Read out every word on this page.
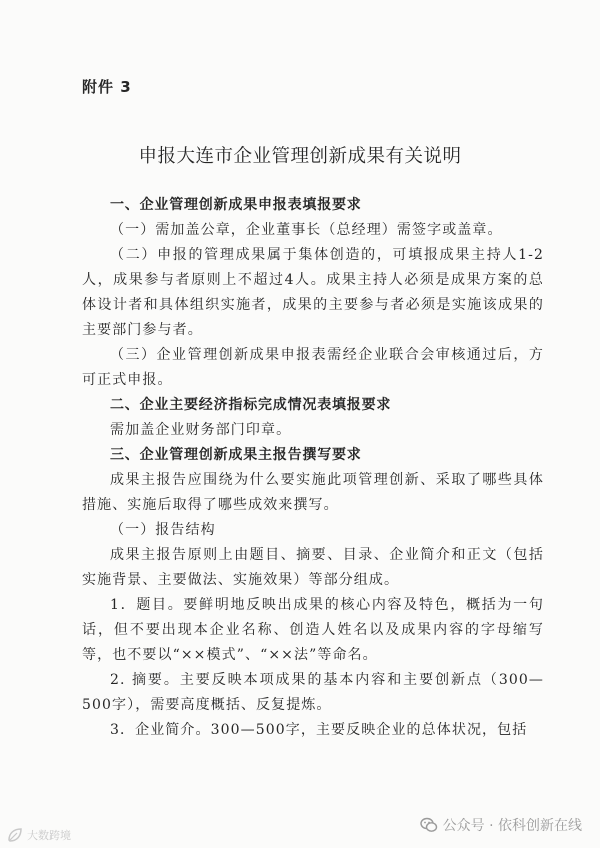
附件 3
申报大连市企业管理创新成果有关说明

一、企业管理创新成果申报表填报要求

（一）需加盖公章，企业董事长（总经理）需签字或盖章。

（二）申报的管理成果属于集体创造的，可填报成果主持人1-2人，成果参与者原则上不超过4人。成果主持人必须是成果方案的总体设计者和具体组织实施者，成果的主要参与者必须是实施该成果的主要部门参与者。

（三）企业管理创新成果申报表需经企业联合会审核通过后，方可正式申报。

二、企业主要经济指标完成情况表填报要求

需加盖企业财务部门印章。

三、企业管理创新成果主报告撰写要求

成果主报告应围绕为什么要实施此项管理创新、采取了哪些具体措施、实施后取得了哪些成效来撰写。

（一）报告结构

成果主报告原则上由题目、摘要、目录、企业简介和正文（包括实施背景、主要做法、实施效果）等部分组成。

1．题目。要鲜明地反映出成果的核心内容及特色，概括为一句话，但不要出现本企业名称、创造人姓名以及成果内容的字母缩写等，也不要以“××模式”、“××法”等命名。

2. 摘要。主要反映本项成果的基本内容和主要创新点（300—500字），需要高度概括、反复提炼。

3．企业简介。300—500字，主要反映企业的总体状况，包括

大数跨境
公众号 · 依科创新在线
